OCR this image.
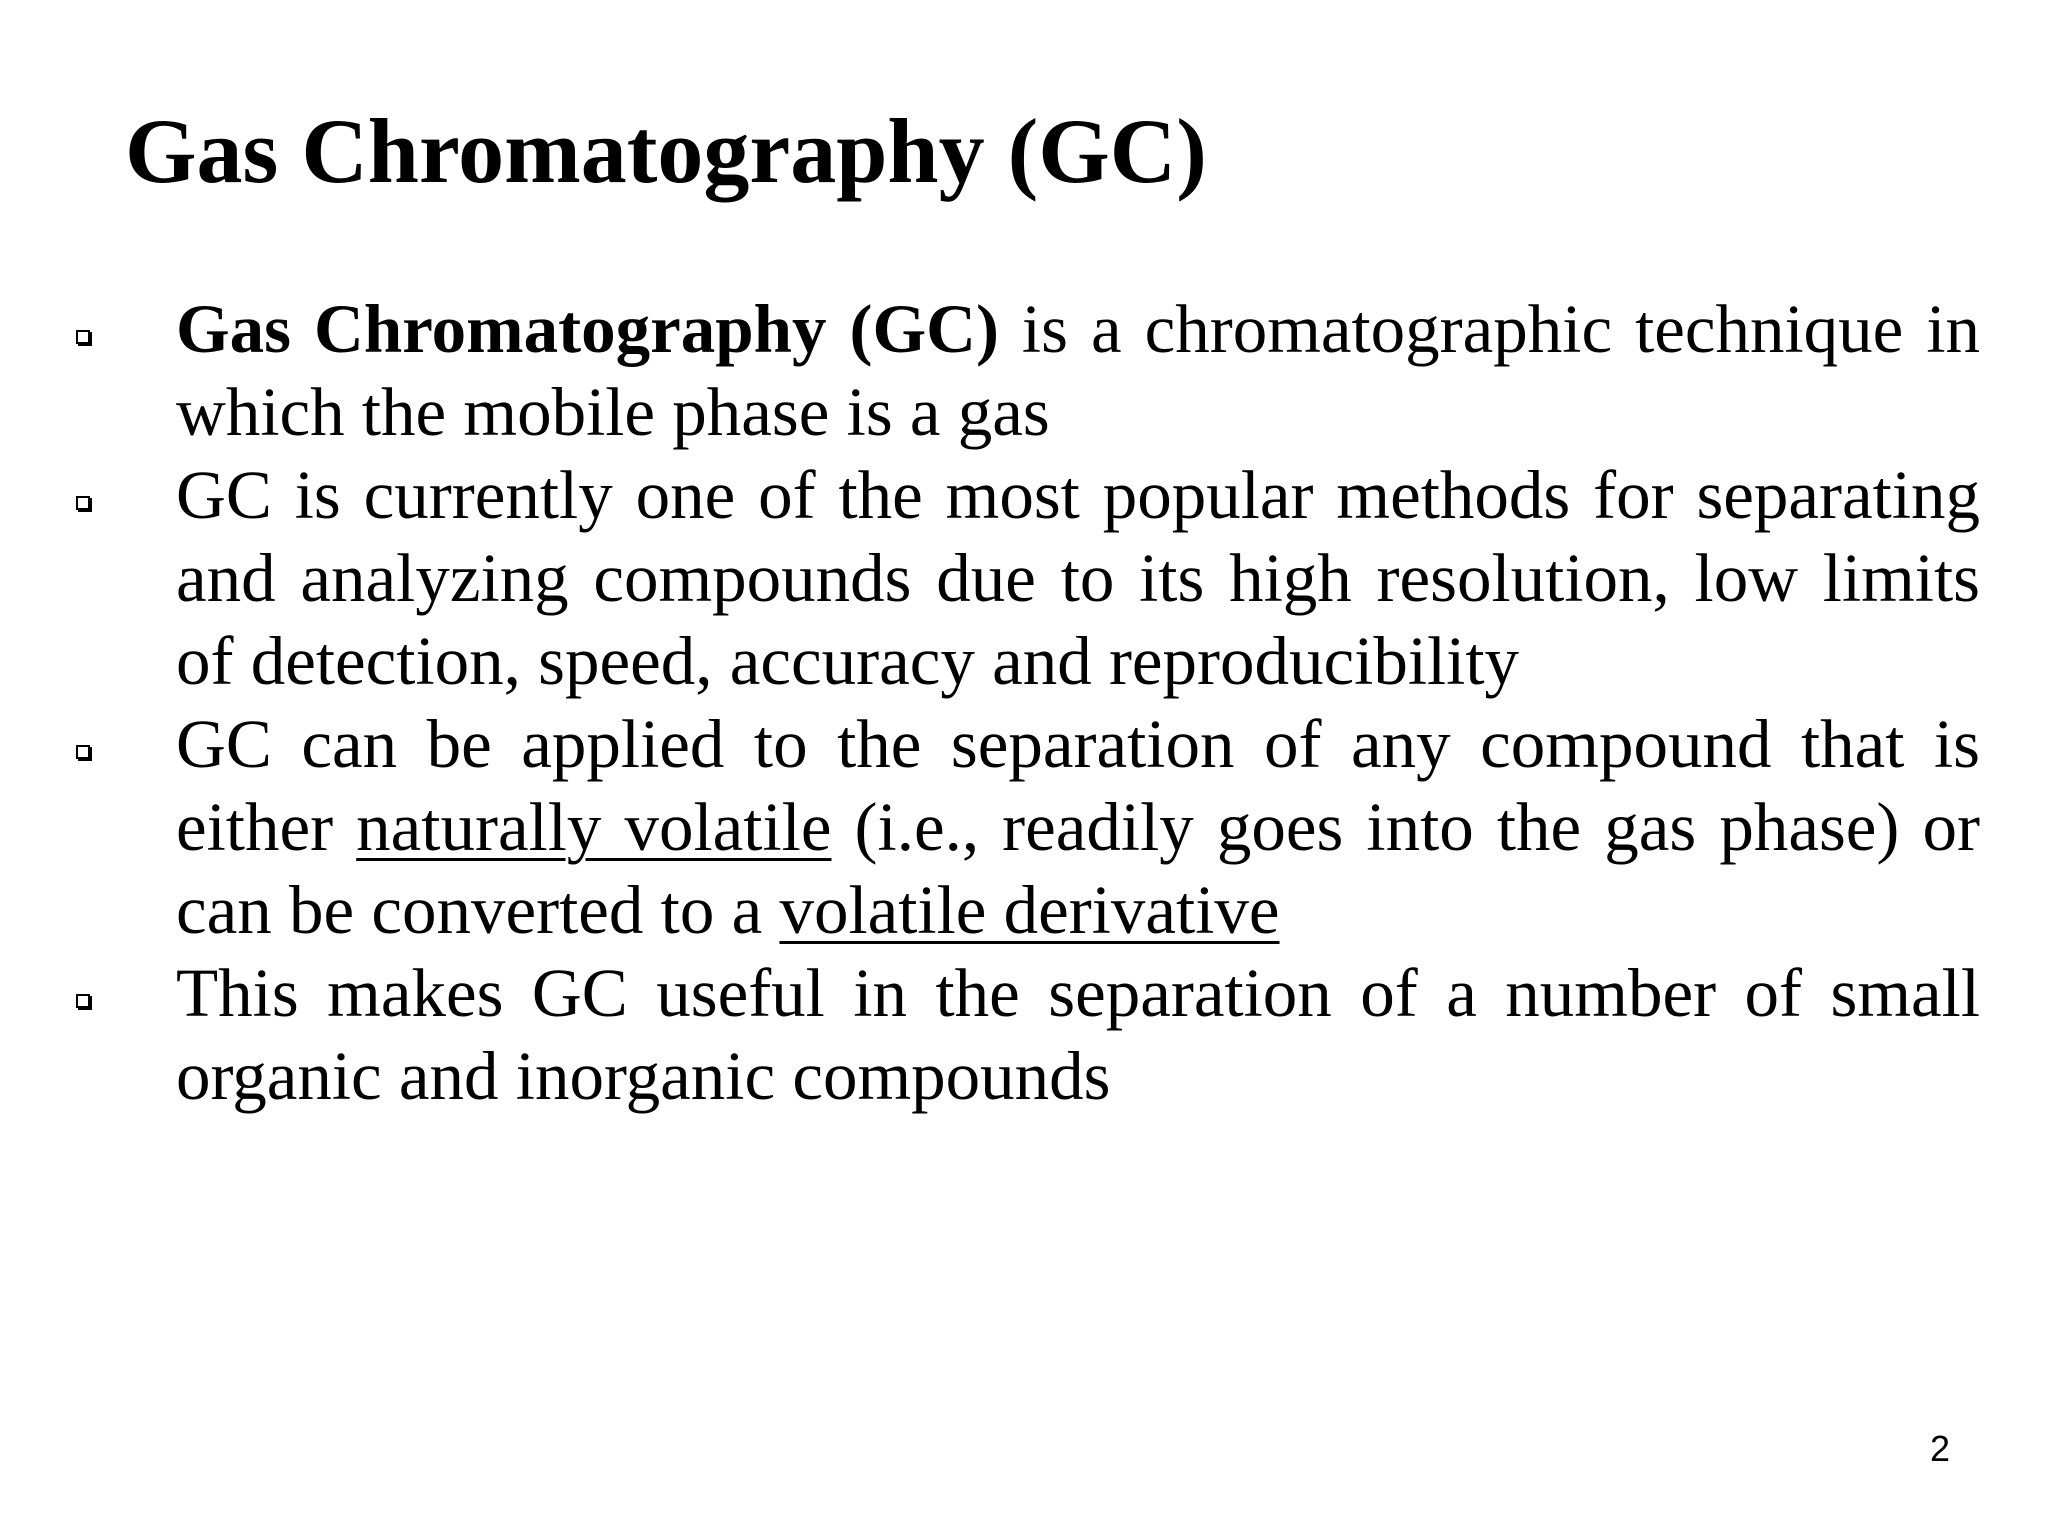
Gas Chromatography (GC)
Gas Chromatography (GC) is a chromatographic technique in which the mobile phase is a gas
GC is currently one of the most popular methods for separating and analyzing compounds due to its high resolution, low limits of detection, speed, accuracy and reproducibility
GC can be applied to the separation of any compound that is either naturally volatile (i.e., readily goes into the gas phase) or can be converted to a volatile derivative
This makes GC useful in the separation of a number of small organic and inorganic compounds
2
